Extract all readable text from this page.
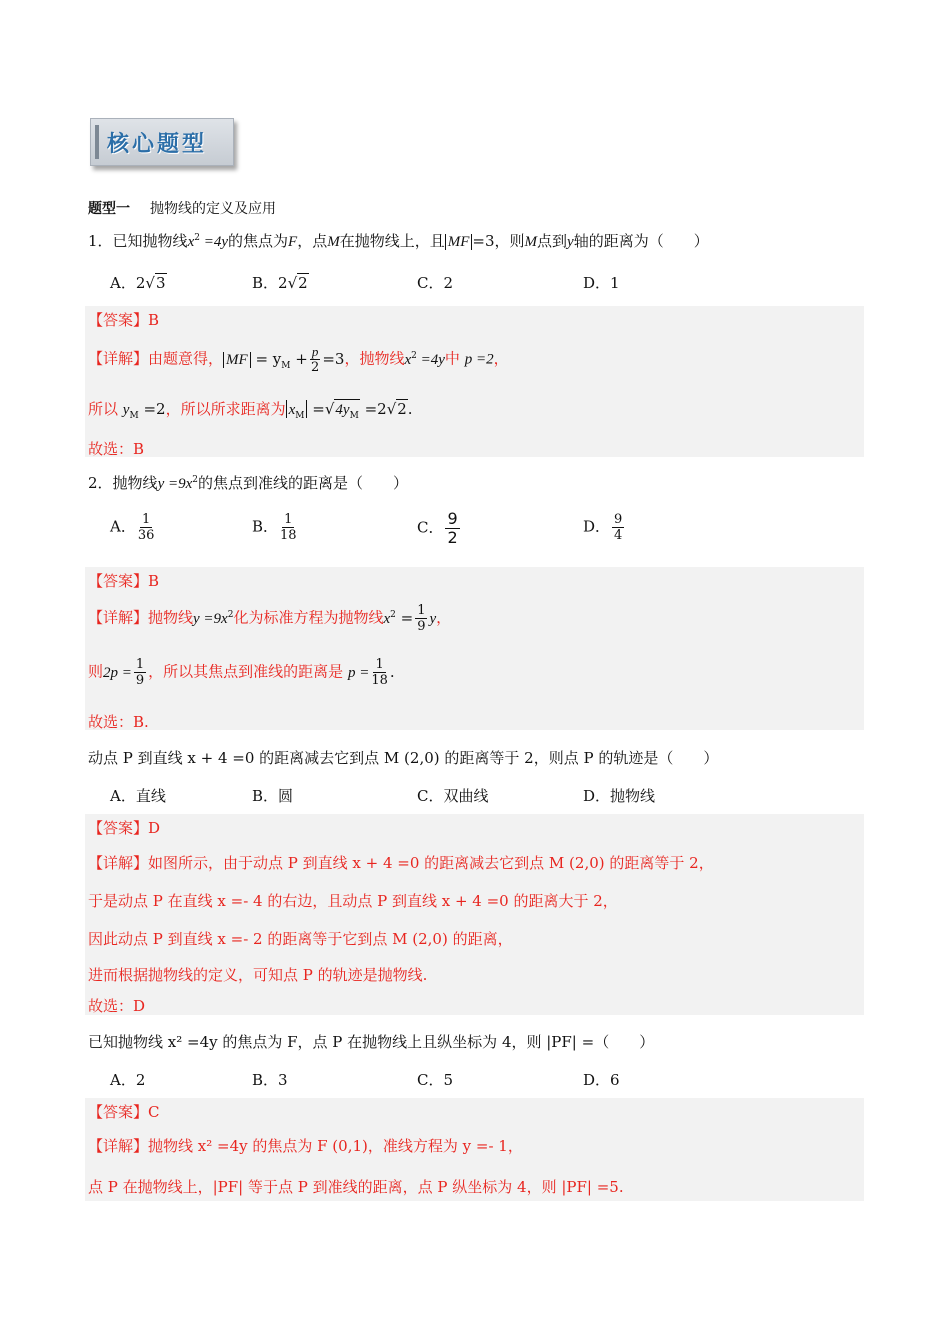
核心题型
题型一 抛物线的定义及应用
1．已知抛物线$x^2 =4y$的焦点为F，点M在抛物线上，且 MF =3，则M点到y轴的距离为（　　）
A．2√3	B．2√2	C．2	D．1
【答案】B
【详解】由题意得， MF = $y_M + \frac{p}{2} =3$，抛物线$x^2 =4y$中 p =2，
所以 $y_M =2$，所以所求距离为 $x_M =√4y_M =2√2$.
故选：B
2．抛物线$y =9x^2$的焦点到准线的距离是（　　）
A． $\frac{1}{36}$	B． $\frac{1}{18}$	C． $\frac{9}{2}$	D． $\frac{9}{4}$
【答案】B
【详解】抛物线$y =9x^2$化为标准方程为抛物线$x^2 = \frac{1}{9}$ y，
则$2p = \frac{1}{9}$ ，所以其焦点到准线的距离是 $p = \frac{1}{18}$ .
故选：B.
动点 P 到直线 x + 4 =0 的距离减去它到点 M (2,0) 的距离等于 2，则点 P 的轨迹是（　　）
A．直线	B．圆	C．双曲线	D．抛物线
【答案】D
【详解】如图所示，由于动点 P 到直线 x + 4 =0 的距离减去它到点 M (2,0) 的距离等于 2，
于是动点 P 在直线 x =- 4 的右边，且动点 P 到直线 x + 4 =0 的距离大于 2，
因此动点 P 到直线 x =- 2 的距离等于它到点 M (2,0) 的距离，
进而根据抛物线的定义，可知点 P 的轨迹是抛物线.
故选：D
已知抛物线 x² =4y 的焦点为 F，点 P 在抛物线上且纵坐标为 4，则 |PF| =（　　）
A．2	B．3	C．5	D．6
【答案】C
【详解】抛物线 x² =4y 的焦点为 F (0,1)，准线方程为 y =- 1，
点 P 在抛物线上，|PF| 等于点 P 到准线的距离，点 P 纵坐标为 4，则 |PF| =5.
